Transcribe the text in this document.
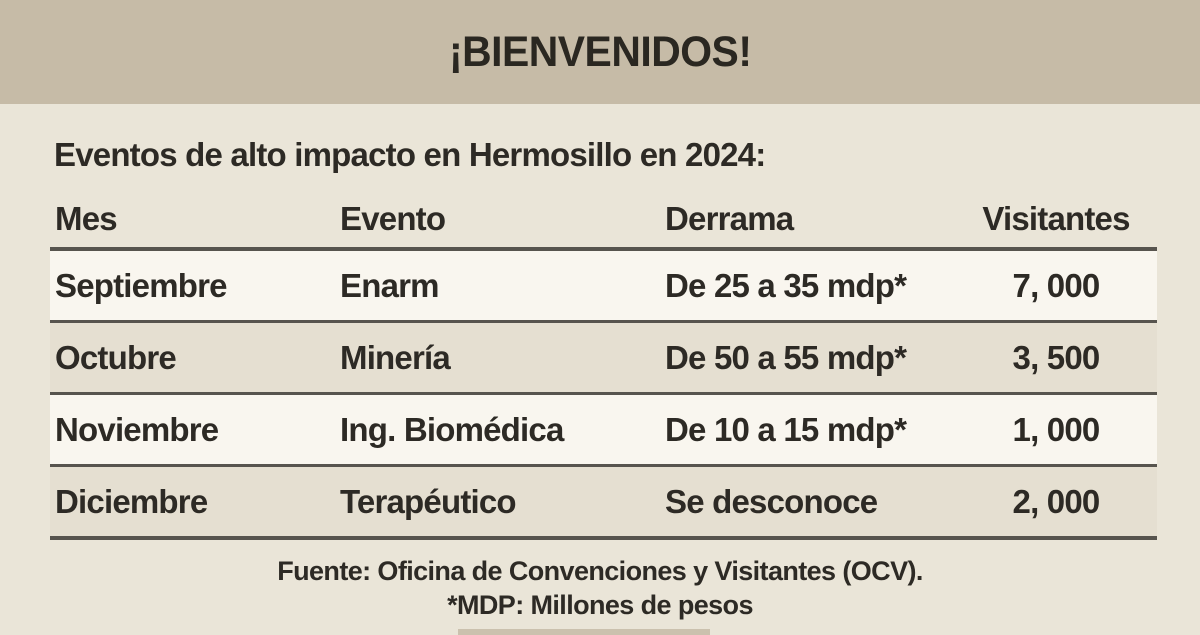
¡BIENVENIDOS!
Eventos de alto impacto en Hermosillo en 2024:
Mes	Evento	Derrama	Visitantes
Septiembre	Enarm	De 25 a 35 mdp*	7, 000
Octubre	Minería	De 50 a 55 mdp*	3, 500
Noviembre	Ing. Biomédica	De 10 a 15 mdp*	1, 000
Diciembre	Terapéutico	Se desconoce	2, 000

Fuente: Oficina de Convenciones y Visitantes (OCV).

*MDP: Millones de pesos
